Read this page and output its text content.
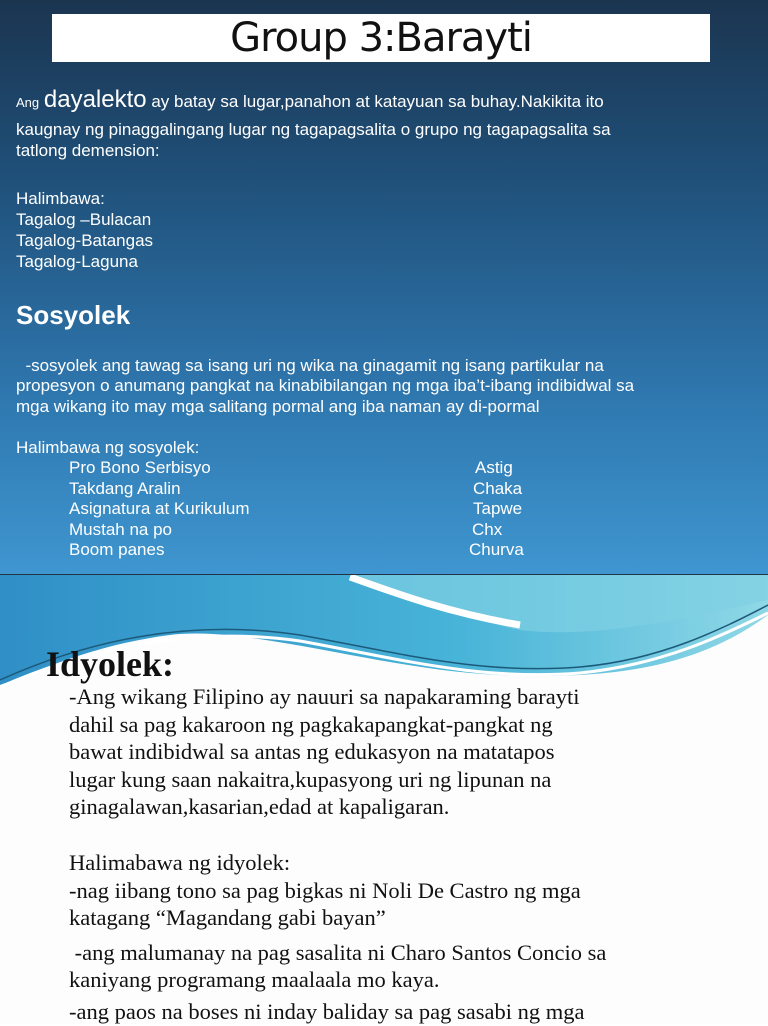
Group 3:Barayti
Ang dayalekto ay batay sa lugar,panahon at katayuan sa buhay.Nakikita ito
kaugnay ng pinaggalingang lugar ng tagapagsalita o grupo ng tagapagsalita sa
tatlong demension:
Halimbawa:
Tagalog –Bulacan
Tagalog-Batangas
Tagalog-Laguna
Sosyolek
-sosyolek ang tawag sa isang uri ng wika na ginagamit ng isang partikular na
propesyon o anumang pangkat na kinabibilangan ng mga iba’t-ibang indibidwal sa
mga wikang ito may mga salitang pormal ang iba naman ay di-pormal
Halimbawa ng sosyolek:
Pro Bono Serbisyo
Takdang Aralin
Asignatura at Kurikulum
Mustah na po
Boom panes
Astig
Chaka
Tapwe
Chx
Churva
Idyolek:
-Ang wikang Filipino ay nauuri sa napakaraming barayti
dahil sa pag kakaroon ng pagkakapangkat-pangkat ng
bawat indibidwal sa antas ng edukasyon na matatapos
lugar kung saan nakaitra,kupasyong uri ng lipunan na
ginagalawan,kasarian,edad at kapaligaran.
Halimabawa ng idyolek:
-nag iibang tono sa pag bigkas ni Noli De Castro ng mga
katagang “Magandang gabi bayan”
-ang malumanay na pag sasalita ni Charo Santos Concio sa
kaniyang programang maalaala mo kaya.
-ang paos na boses ni inday baliday sa pag sasabi ng mga
